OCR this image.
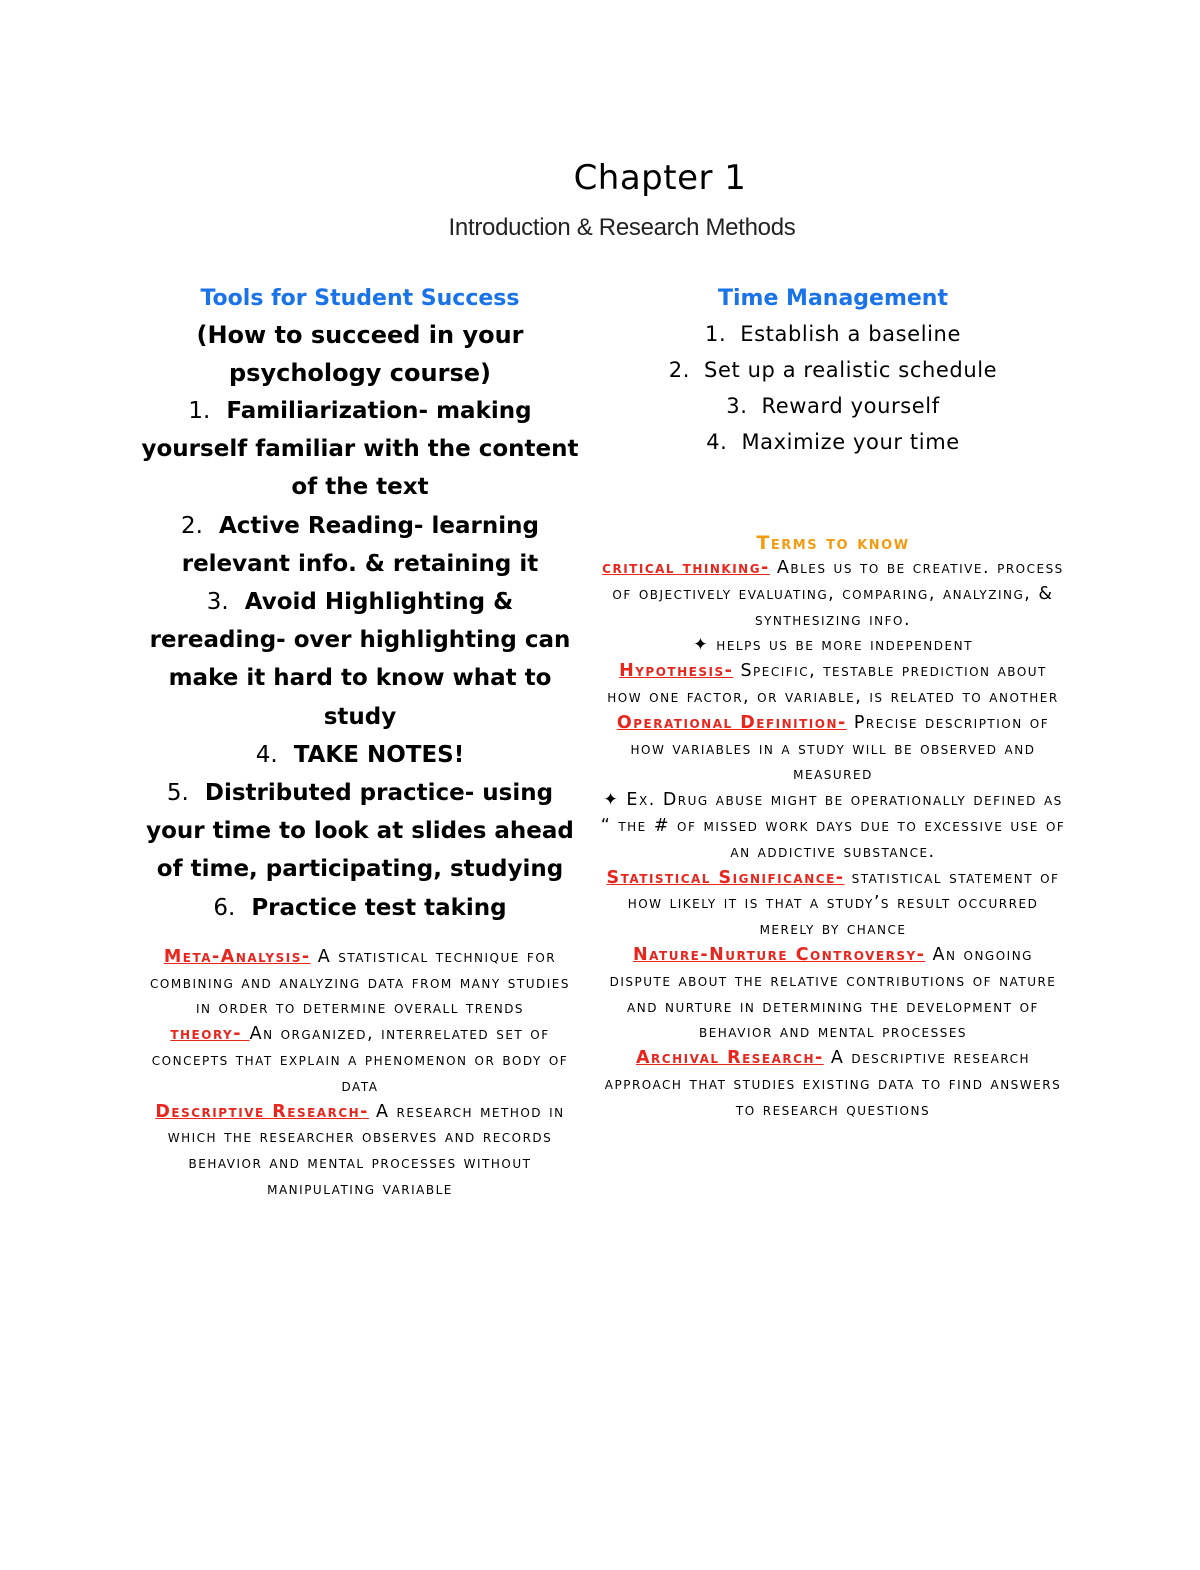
Chapter 1
Introduction & Research Methods
Tools for Student Success
(How to succeed in your psychology course)
1. Familiarization- making yourself familiar with the content of the text
2. Active Reading- learning relevant info. & retaining it
3. Avoid Highlighting & rereading- over highlighting can make it hard to know what to study
4. TAKE NOTES!
5. Distributed practice- using your time to look at slides ahead of time, participating, studying
6. Practice test taking
Meta-Analysis- A statistical technique for combining and analyzing data from many studies in order to determine overall trends
theory- An organized, interrelated set of concepts that explain a phenomenon or body of data
Descriptive Research- A research method in which the researcher observes and records behavior and mental processes without manipulating variable
Time Management
1. Establish a baseline
2. Set up a realistic schedule
3. Reward yourself
4. Maximize your time
Terms to know
critical thinking- Ables us to be creative. process of objectively evaluating, comparing, analyzing, & synthesizing info.
✦ helps us be more independent
Hypothesis- Specific, testable prediction about how one factor, or variable, is related to another
Operational Definition- Precise description of how variables in a study will be observed and measured
✦ Ex. Drug abuse might be operationally defined as “ the # of missed work days due to excessive use of an addictive substance.
Statistical Significance- statistical statement of how likely it is that a study’s result occurred merely by chance
Nature-Nurture Controversy- An ongoing dispute about the relative contributions of nature and nurture in determining the development of behavior and mental processes
Archival Research- A descriptive research approach that studies existing data to find answers to research questions
